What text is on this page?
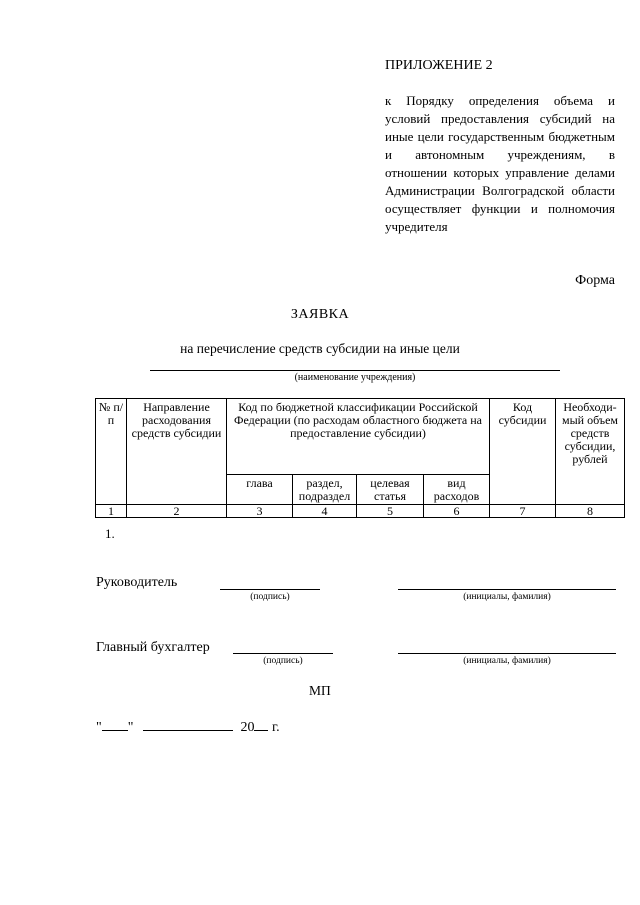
ПРИЛОЖЕНИЕ 2
к Порядку определения объема и условий предоставления субсидий на иные цели государственным бюджетным и автономным учреждениям, в отношении которых управление делами Администрации Волгоградской области осуществляет функции и полномочия учредителя
Форма
ЗАЯВКА
на перечисление средств субсидии на иные цели
(наименование учреждения)
№ п/п	Направление расходования средств субсидии	Код по бюджетной классификации Российской Федерации (по расходам областного бюджета на предоставление субсидии)				Код субсидии	Необходи-мый объем средств субсидии, рублей
		глава	раздел, подраздел	целевая статья	вид расходов		
1	2	3	4	5	6	7	8
1.
Руководитель
(подпись)	(инициалы, фамилия)
Главный бухгалтер
(подпись)	(инициалы, фамилия)
МП
" "	20 г.
